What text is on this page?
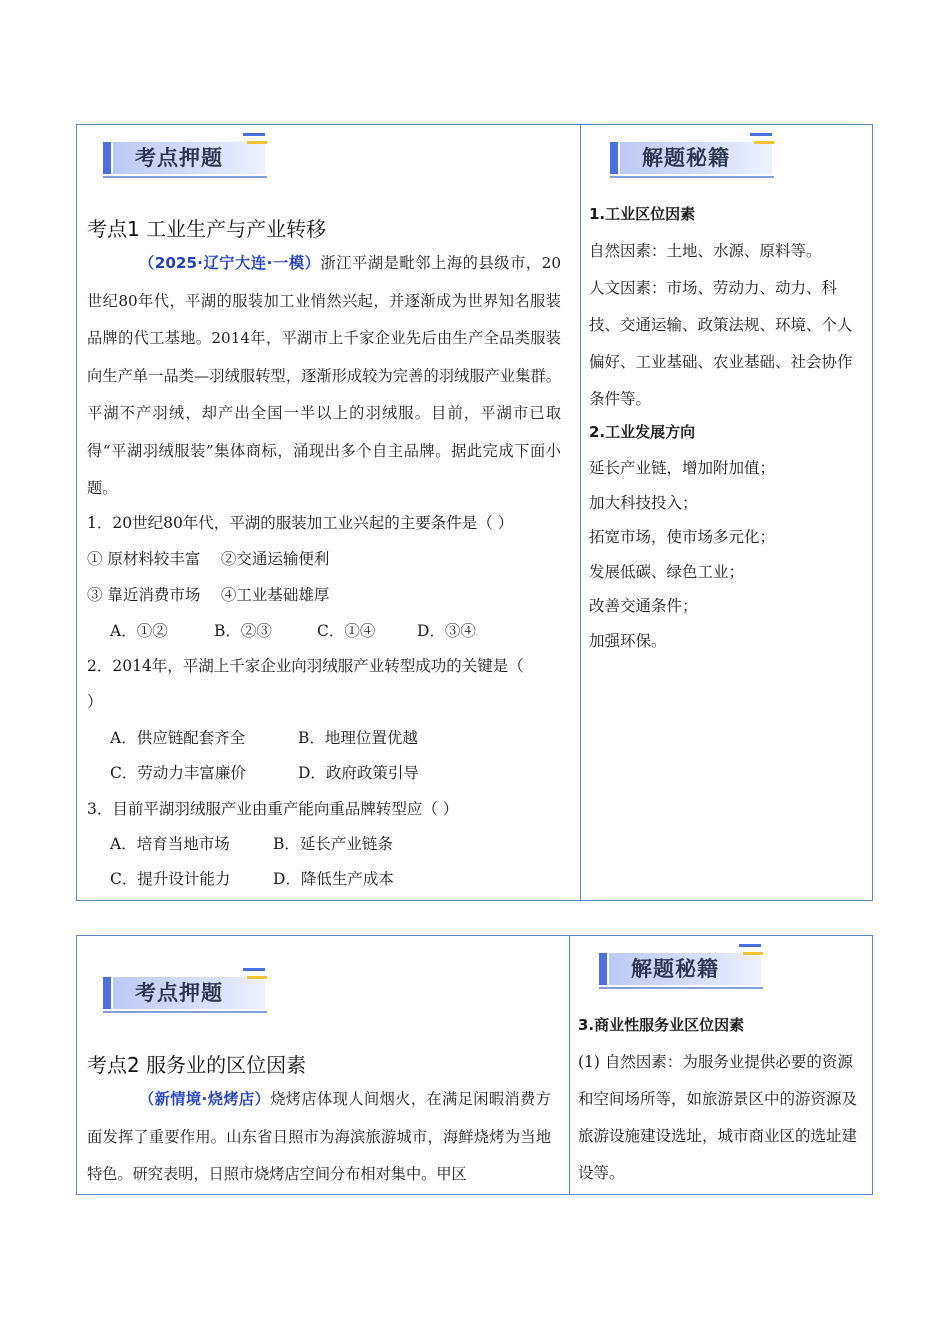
考点押题
考点1 工业生产与产业转移
（2025·辽宁大连·一模）浙江平湖是毗邻上海的县级市，20世纪80年代，平湖的服装加工业悄然兴起，并逐渐成为世界知名服装品牌的代工基地。2014年，平湖市上千家企业先后由生产全品类服装向生产单一品类—羽绒服转型，逐渐形成较为完善的羽绒服产业集群。平湖不产羽绒，却产出全国一半以上的羽绒服。目前，平湖市已取得“平湖羽绒服装”集体商标，涌现出多个自主品牌。据此完成下面小题。
1．20世纪80年代，平湖的服装加工业兴起的主要条件是（ ）
① 原材料较丰富　 ②交通运输便利
③ 靠近消费市场　 ④工业基础雄厚
A．①②	B．②③	C．①④	D．③④
2．2014年，平湖上千家企业向羽绒服产业转型成功的关键是（
）
A．供应链配套齐全	B．地理位置优越
C．劳动力丰富廉价	D．政府政策引导
3．目前平湖羽绒服产业由重产能向重品牌转型应（ ）
A．培育当地市场	B．延长产业链条
C．提升设计能力	D．降低生产成本
解题秘籍
1.工业区位因素
自然因素：土地、水源、原料等。
人文因素：市场、劳动力、动力、科技、交通运输、政策法规、环境、个人偏好、工业基础、农业基础、社会协作条件等。
2.工业发展方向
延长产业链，增加附加值；
加大科技投入；
拓宽市场，使市场多元化；
发展低碳、绿色工业；
改善交通条件；
加强环保。
考点押题
考点2 服务业的区位因素
（新情境·烧烤店）烧烤店体现人间烟火，在满足闲暇消费方面发挥了重要作用。山东省日照市为海滨旅游城市，海鲜烧烤为当地特色。研究表明，日照市烧烤店空间分布相对集中。甲区
解题秘籍
3.商业性服务业区位因素
(1) 自然因素：为服务业提供必要的资源和空间场所等，如旅游景区中的游资源及旅游设施建设选址，城市商业区的选址建设等。
